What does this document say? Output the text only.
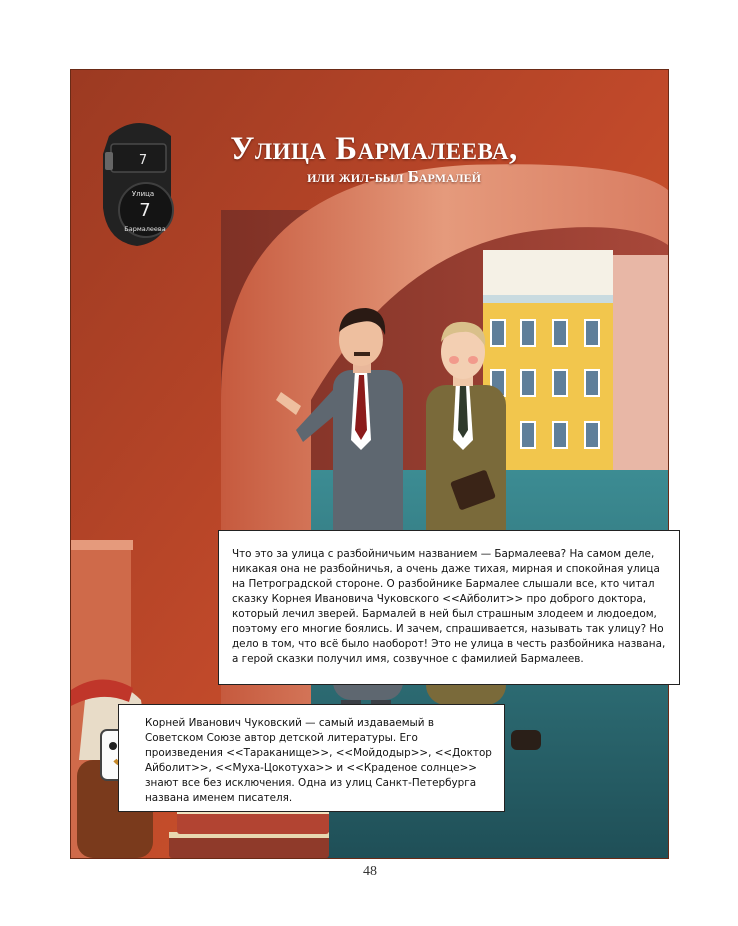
Улица Бармалеева,
или жил-был Бармалей
7
Улица
7
Бармалеева
Что это за улица с разбойничьим названием — Бармалеева? На самом деле, никакая она не разбойничья, а очень даже тихая, мирная и спокойная улица на Петроградской стороне. О разбойнике Бармалее слышали все, кто читал сказку Корнея Ивановича Чуковского <<Айболит>> про доброго доктора, который лечил зверей. Бармалей в ней был страшным злодеем и людоедом, поэтому его многие боялись. И зачем, спрашивается, называть так улицу? Но дело в том, что всё было наоборот! Это не улица в честь разбойника названа, а герой сказки получил имя, созвучное с фамилией Бармалеев.
Корней Иванович Чуковский — самый издаваемый в Советском Союзе автор детской литературы. Его произведения <<Тараканище>>, <<Мойдодыр>>, <<Доктор Айболит>>, <<Муха-Цокотуха>> и <<Краденое солнце>> знают все без исключения. Одна из улиц Санкт-Петербурга названа именем писателя.
48
